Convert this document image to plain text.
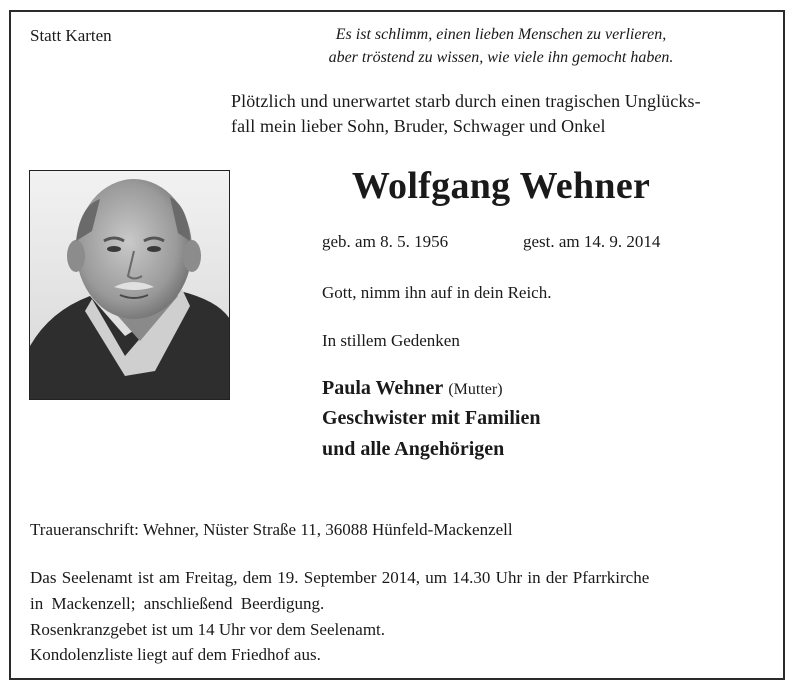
Statt Karten	Es ist schlimm, einen lieben Menschen zu verlieren,
aber tröstend zu wissen, wie viele ihn gemocht haben.
Plötzlich und unerwartet starb durch einen tragischen Unglücks-
fall mein lieber Sohn, Bruder, Schwager und Onkel
Wolfgang Wehner
geb. am 8. 5. 1956	gest. am 14. 9. 2014
Gott, nimm ihn auf in dein Reich.
In stillem Gedenken
Paula Wehner (Mutter)
Geschwister mit Familien
und alle Angehörigen
Traueranschrift: Wehner, Nüster Straße 11, 36088 Hünfeld-Mackenzell
Das Seelenamt ist am Freitag, dem 19. September 2014, um 14.30 Uhr in der Pfarrkirche
in Mackenzell; anschließend Beerdigung.
Rosenkranzgebet ist um 14 Uhr vor dem Seelenamt.
Kondolenzliste liegt auf dem Friedhof aus.
